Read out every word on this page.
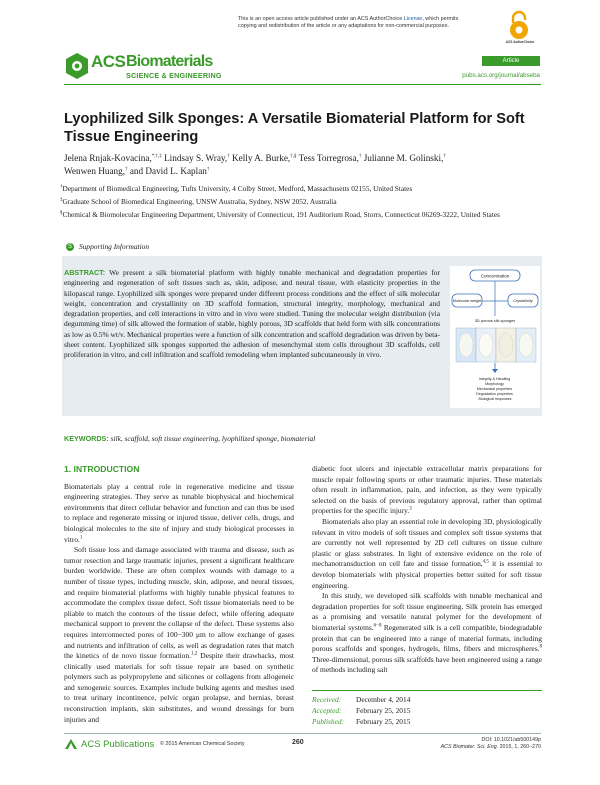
This is an open access article published under an ACS AuthorChoice License, which permits
copying and redistribution of the article or any adaptations for non-commercial purposes.
ACS AuthorChoice
ACS Biomaterials
SCIENCE & ENGINEERING
Article
pubs.acs.org/journal/abseba
Lyophilized Silk Sponges: A Versatile Biomaterial Platform for Soft Tissue Engineering
Jelena Rnjak-Kovacina,*,†,‡ Lindsay S. Wray,† Kelly A. Burke,†,§ Tess Torregrosa,† Julianne M. Golinski,†
Wenwen Huang,† and David L. Kaplan†

†Department of Biomedical Engineering, Tufts University, 4 Colby Street, Medford, Massachusetts 02155, United States

‡Graduate School of Biomedical Engineering, UNSW Australia, Sydney, NSW 2052, Australia

§Chemical & Biomolecular Engineering Department, University of Connecticut, 191 Auditorium Road, Storrs, Connecticut 06269-3222, United States

S Supporting Information
ABSTRACT: We present a silk biomaterial platform with highly tunable mechanical and degradation properties for engineering and regeneration of soft tissues such as, skin, adipose, and neural tissue, with elasticity properties in the kilopascal range. Lyophilized silk sponges were prepared under different process conditions and the effect of silk molecular weight, concentration and crystallinity on 3D scaffold formation, structural integrity, morphology, mechanical and degradation properties, and cell interactions in vitro and in vivo were studied. Tuning the molecular weight distribution (via degumming time) of silk allowed the formation of stable, highly porous, 3D scaffolds that held form with silk concentrations as low as 0.5% wt/v. Mechanical properties were a function of silk concentration and scaffold degradation was driven by beta-sheet content. Lyophilized silk sponges supported the adhesion of mesenchymal stem cells throughout 3D scaffolds, cell proliferation in vitro, and cell infiltration and scaffold remodeling when implanted subcutaneously in vivo.
Concentration
Molecular weight	Crystallinity
3D porous silk sponges
Integrity & Handling Morphology Mechanical properties Degradation properties Biological responses
KEYWORDS: silk, scaffold, soft tissue engineering, lyophilized sponge, biomaterial
1. INTRODUCTION

Biomaterials play a central role in regenerative medicine and tissue engineering strategies. They serve as tunable biophysical and biochemical environments that direct cellular behavior and function and can thus be used to replace and regenerate missing or injured tissue, deliver cells, drugs, and biological molecules to the site of injury and study biological processes in vitro.$^1$

Soft tissue loss and damage associated with trauma and disease, such as tumor resection and large traumatic injuries, present a significant healthcare burden worldwide. These are often complex wounds with damage to a number of tissue types, including muscle, skin, adipose, and neural tissues, and require biomaterial platforms with highly tunable physical features to accommodate the complex tissue defect. Soft tissue biomaterials need to be pliable to match the contours of the tissue defect, while offering adequate mechanical support to prevent the collapse of the defect. These systems also requires interconnected pores of 100−300 μm to allow exchange of gases and nutrients and infiltration of cells, as well as degradation rates that match the kinetics of de novo tissue formation.$^{1,2}$ Despite their drawbacks, most clinically used materials for soft tissue repair are based on synthetic polymers such as polypropylene and silicones or collagens from allogeneic and xenogeneic sources. Examples include bulking agents and meshes used to treat urinary incontinence, pelvic organ prolapse, and hernias, breast reconstruction implants, skin substitutes, and wound dressings for burn injuries and

diabetic foot ulcers and injectable extracellular matrix preparations for muscle repair following sports or other traumatic injuries. These materials often result in inflammation, pain, and infection, as they were typically selected on the basis of previous regulatory approval, rather than optimal properties for the specific injury.$^3$

Biomaterials also play an essential role in developing 3D, physiologically relevant in vitro models of soft tissues and complex soft tissue systems that are currently not well represented by 2D cell cultures on tissue culture plastic or glass substrates. In light of extensive evidence on the role of mechanotransduction on cell fate and tissue formation,$^{4,5}$ it is essential to develop biomaterials with physical properties better suited for soft tissue engineering.

In this study, we developed silk scaffolds with tunable mechanical and degradation properties for soft tissue engineering. Silk protein has emerged as a promising and versatile natural polymer for the development of biomaterial systems.$^{6-8}$ Regenerated silk is a cell compatible, biodegradable protein that can be engineered into a range of material formats, including porous scaffolds and sponges, hydrogels, films, fibers and microspheres.$^8$ Three-dimensional, porous silk scaffolds have been engineered using a range of methods including salt

Received: December 4, 2014
Accepted: February 25, 2015
Published: February 25, 2015
ACS Publications © 2015 American Chemical Society	260	DOI: 10.1021/ab500149p
ACS Biomater. Sci. Eng. 2015, 1, 260−270
